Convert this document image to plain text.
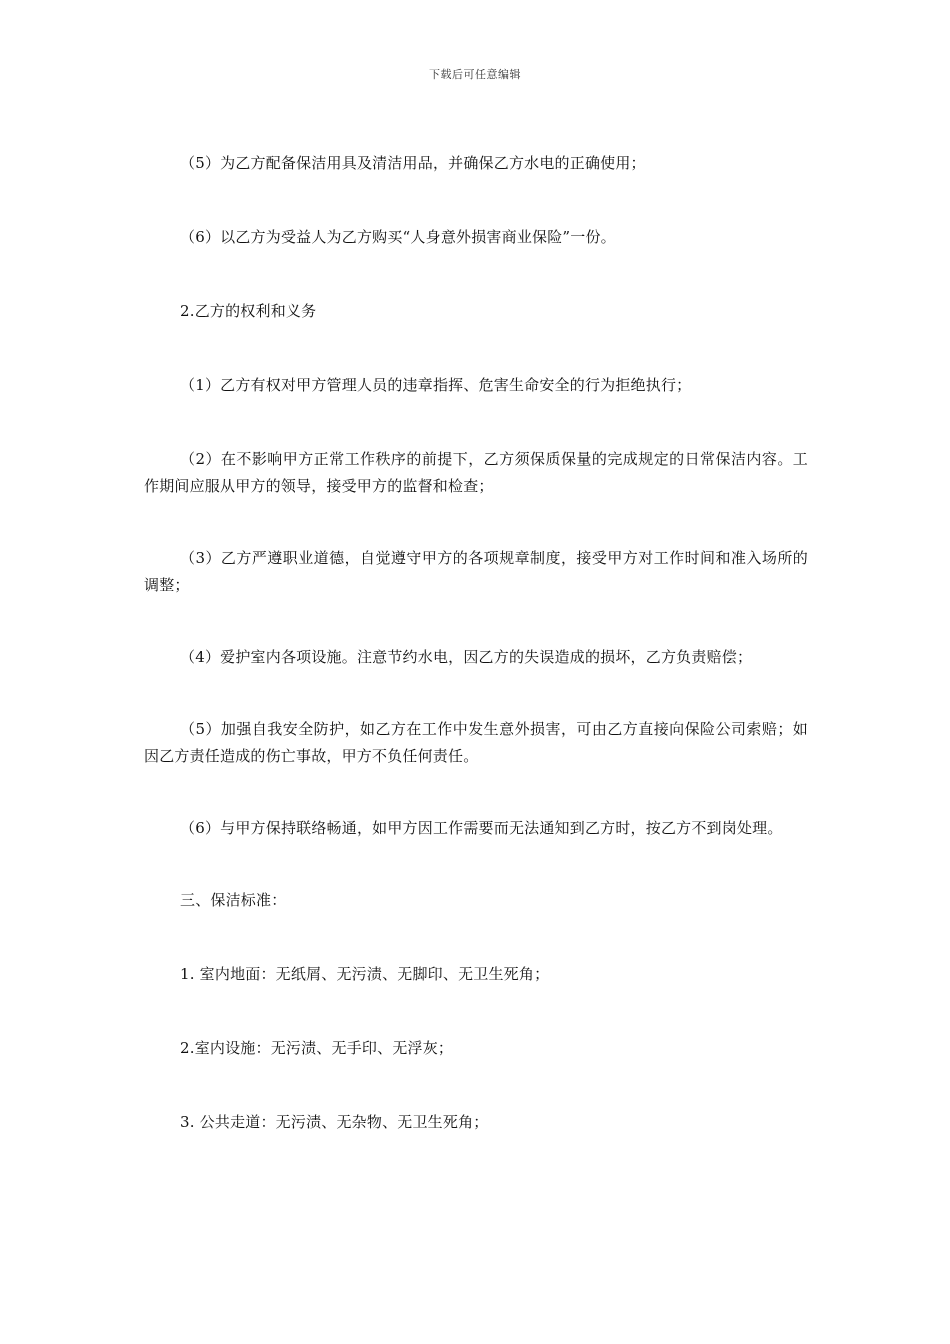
下载后可任意编辑

（5）为乙方配备保洁用具及清洁用品，并确保乙方水电的正确使用；

（6）以乙方为受益人为乙方购买“人身意外损害商业保险”一份。

2.乙方的权利和义务

（1）乙方有权对甲方管理人员的违章指挥、危害生命安全的行为拒绝执行；

（2）在不影响甲方正常工作秩序的前提下，乙方须保质保量的完成规定的日常保洁内容。工作期间应服从甲方的领导，接受甲方的监督和检查；

（3）乙方严遵职业道德，自觉遵守甲方的各项规章制度，接受甲方对工作时间和准入场所的调整；

（4）爱护室内各项设施。注意节约水电，因乙方的失误造成的损坏，乙方负责赔偿；

（5）加强自我安全防护，如乙方在工作中发生意外损害，可由乙方直接向保险公司索赔；如因乙方责任造成的伤亡事故，甲方不负任何责任。

（6）与甲方保持联络畅通，如甲方因工作需要而无法通知到乙方时，按乙方不到岗处理。

三、保洁标准：

1. 室内地面：无纸屑、无污渍、无脚印、无卫生死角；

2.室内设施：无污渍、无手印、无浮灰；

3. 公共走道：无污渍、无杂物、无卫生死角；
